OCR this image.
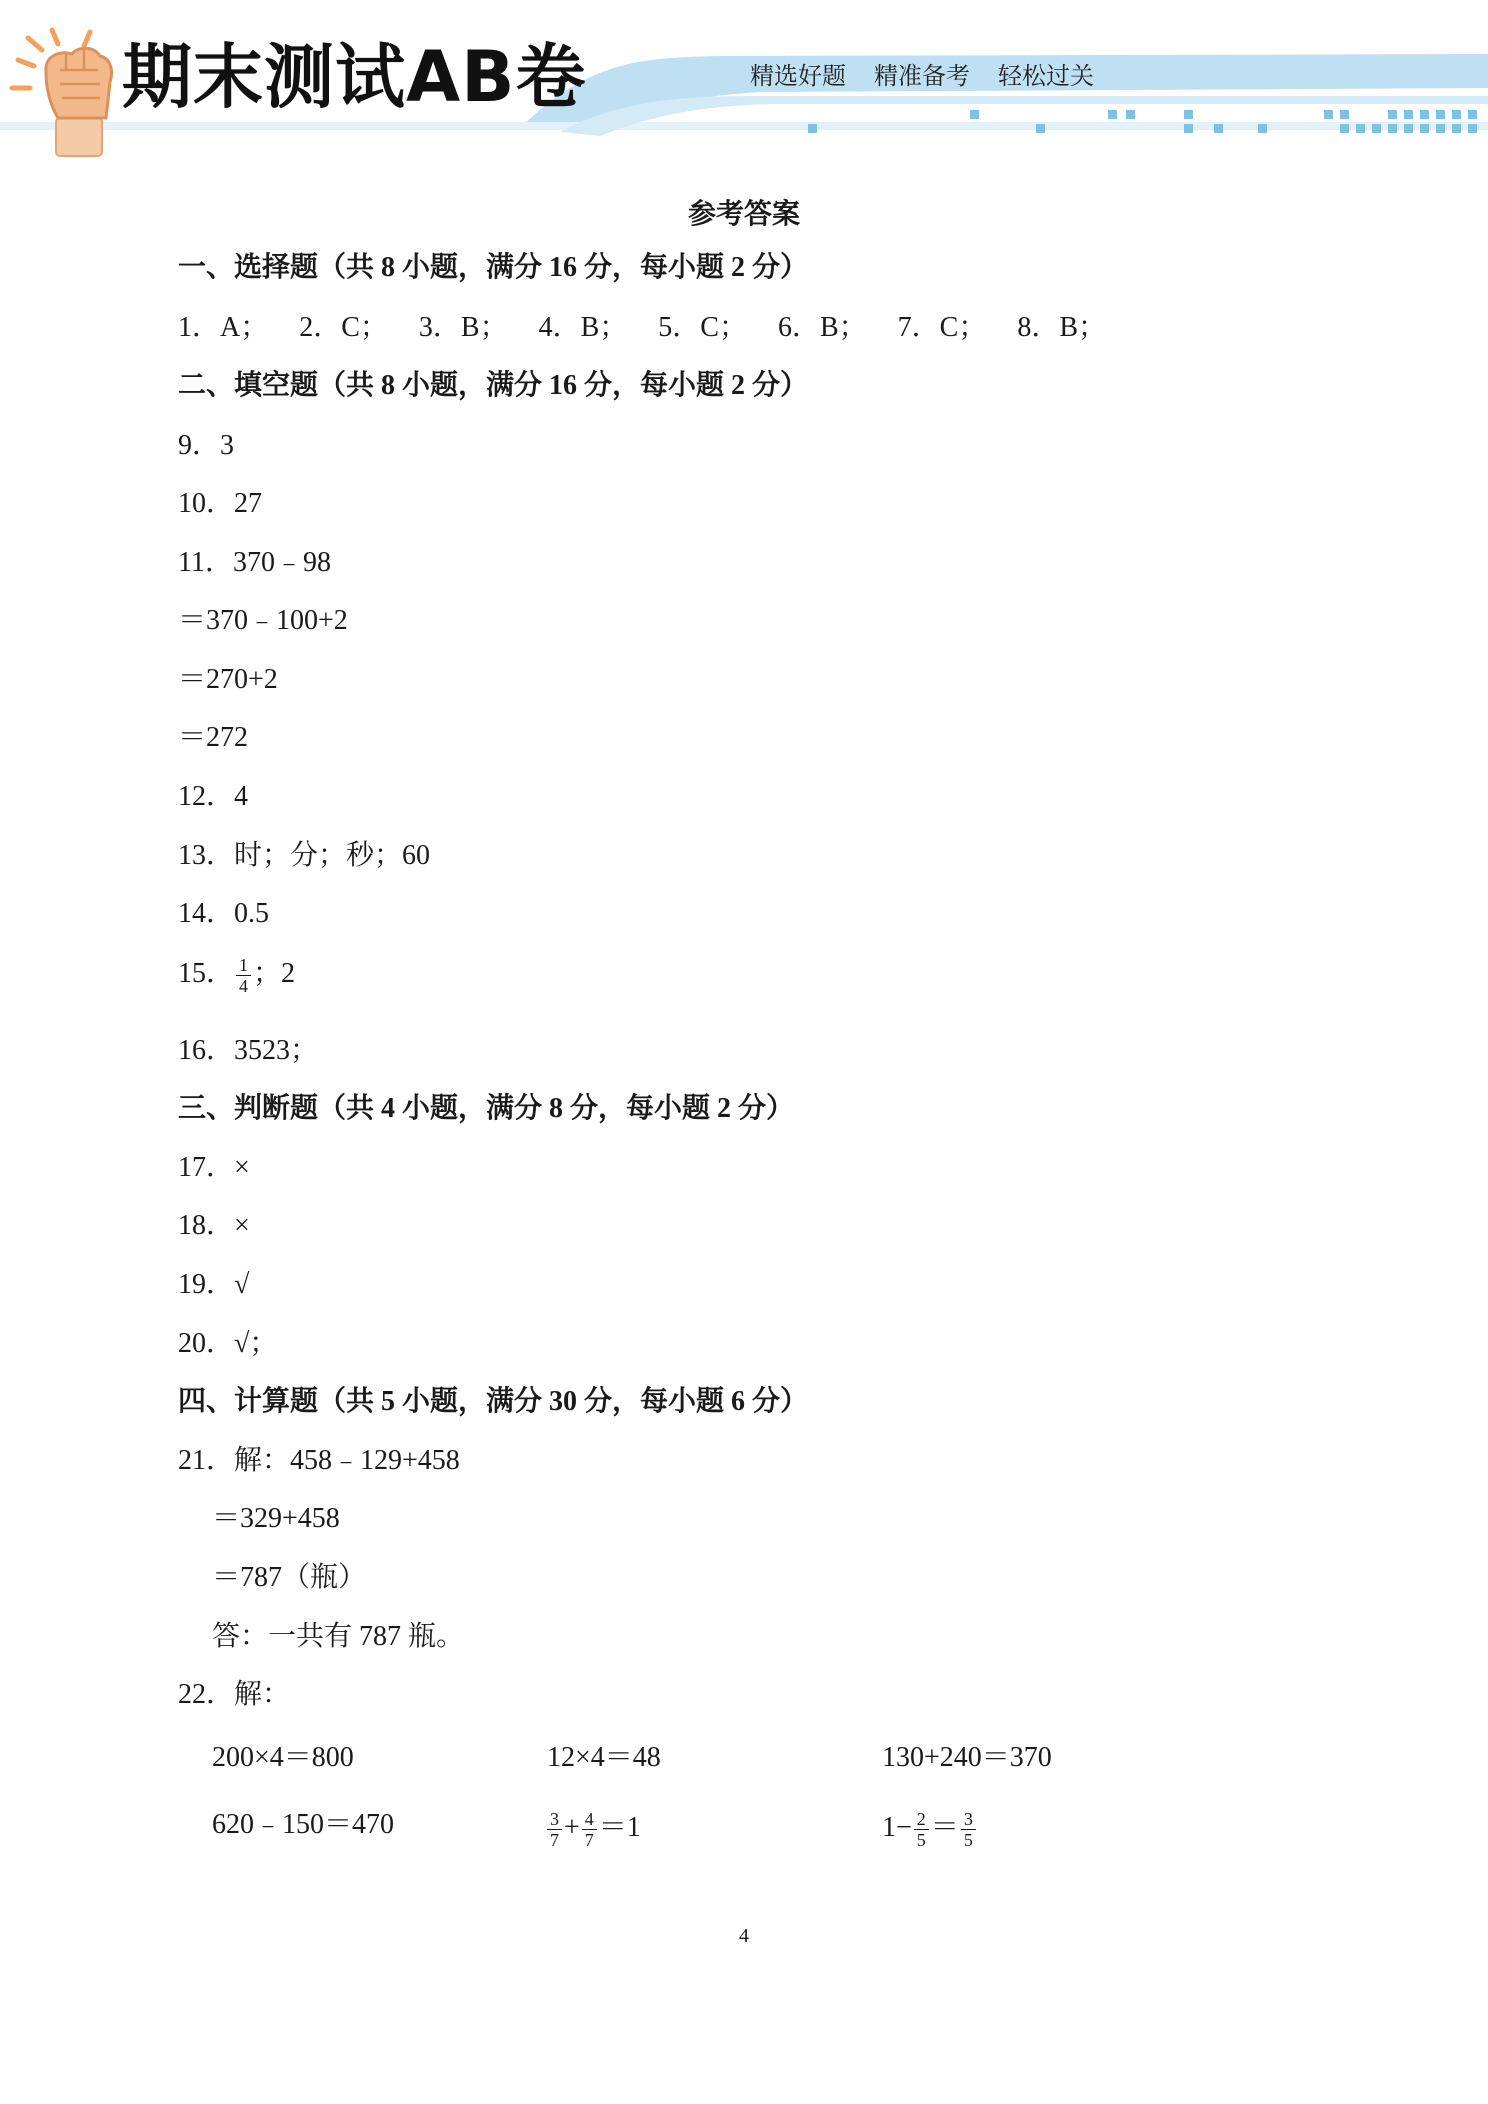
期末测试AB卷	精选好题 精准备考 轻松过关
参考答案
一、选择题（共 8 小题，满分 16 分，每小题 2 分）
1．A； 2．C； 3．B； 4．B； 5．C； 6．B； 7．C； 8．B；
二、填空题（共 8 小题，满分 16 分，每小题 2 分）
9．3
10．27
11．370﹣98
＝370﹣100+2
＝270+2
＝272
12．4
13．时；分；秒；60
14．0.5
15． $\frac{1}{4}$ ；2
16．3523；
三、判断题（共 4 小题，满分 8 分，每小题 2 分）
17．×
18．×
19．√
20．√；
四、计算题（共 5 小题，满分 30 分，每小题 6 分）
21．解：458﹣129+458
＝329+458
＝787（瓶）
答：一共有 787 瓶。
22．解：
200×4＝800	12×4＝48	130+240＝370
620﹣150＝470	$\frac{3}{7} + \frac{4}{7} =1$	$1- \frac{2}{5} = \frac{3}{5}$
4
